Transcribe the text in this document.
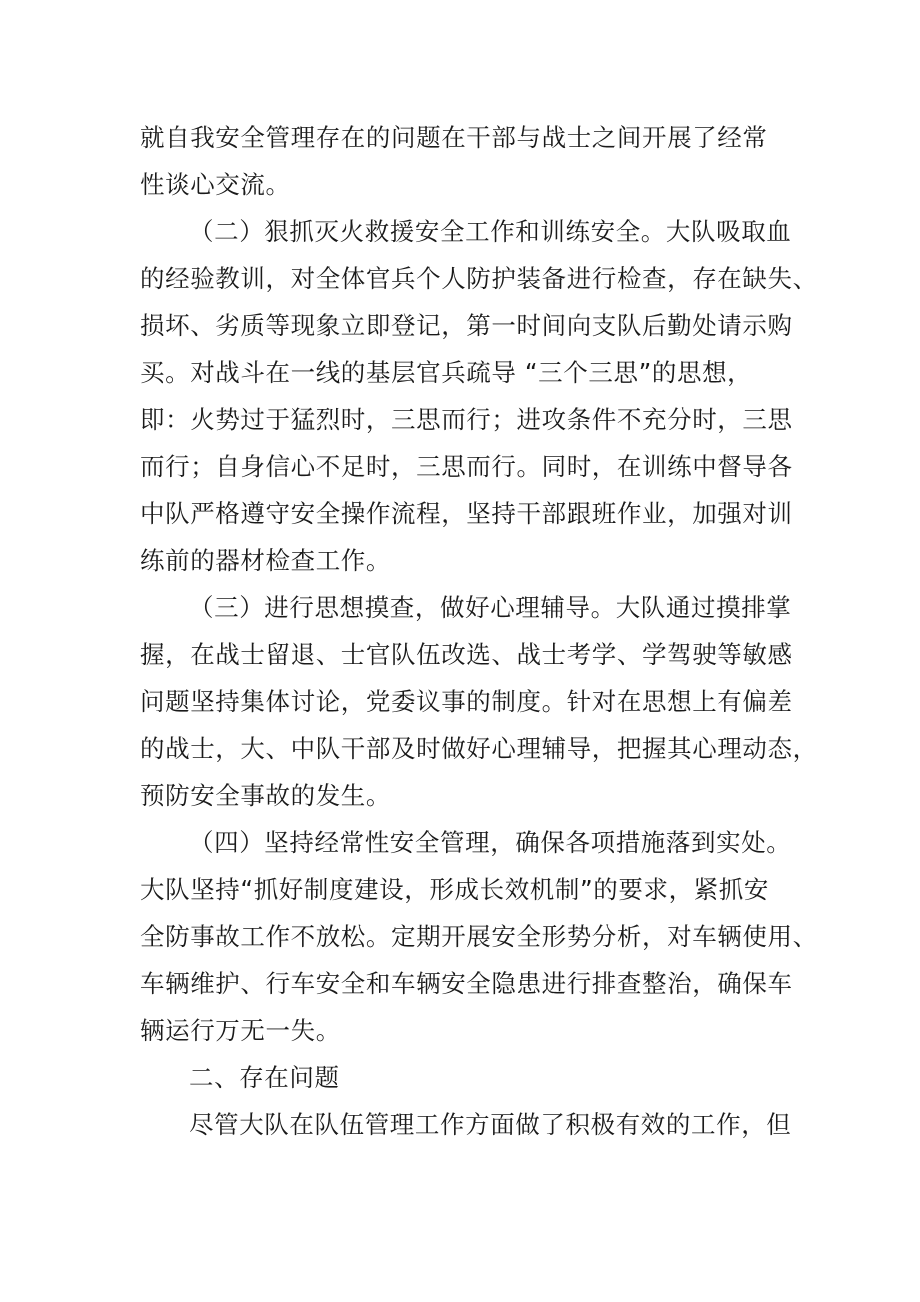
就自我安全管理存在的问题在干部与战士之间开展了经常
性谈心交流。
（二）狠抓灭火救援安全工作和训练安全。大队吸取血
的经验教训，对全体官兵个人防护装备进行检查，存在缺失、
损坏、劣质等现象立即登记，第一时间向支队后勤处请示购
买。对战斗在一线的基层官兵疏导 “三个三思”的思想，
即：火势过于猛烈时，三思而行；进攻条件不充分时，三思
而行；自身信心不足时，三思而行。同时，在训练中督导各
中队严格遵守安全操作流程，坚持干部跟班作业，加强对训
练前的器材检查工作。
（三）进行思想摸查，做好心理辅导。大队通过摸排掌
握，在战士留退、士官队伍改选、战士考学、学驾驶等敏感
问题坚持集体讨论，党委议事的制度。针对在思想上有偏差
的战士，大、中队干部及时做好心理辅导，把握其心理动态，
预防安全事故的发生。
（四）坚持经常性安全管理，确保各项措施落到实处。
大队坚持“抓好制度建设，形成长效机制”的要求，紧抓安
全防事故工作不放松。定期开展安全形势分析，对车辆使用、
车辆维护、行车安全和车辆安全隐患进行排查整治，确保车
辆运行万无一失。
二、存在问题
尽管大队在队伍管理工作方面做了积极有效的工作，但
